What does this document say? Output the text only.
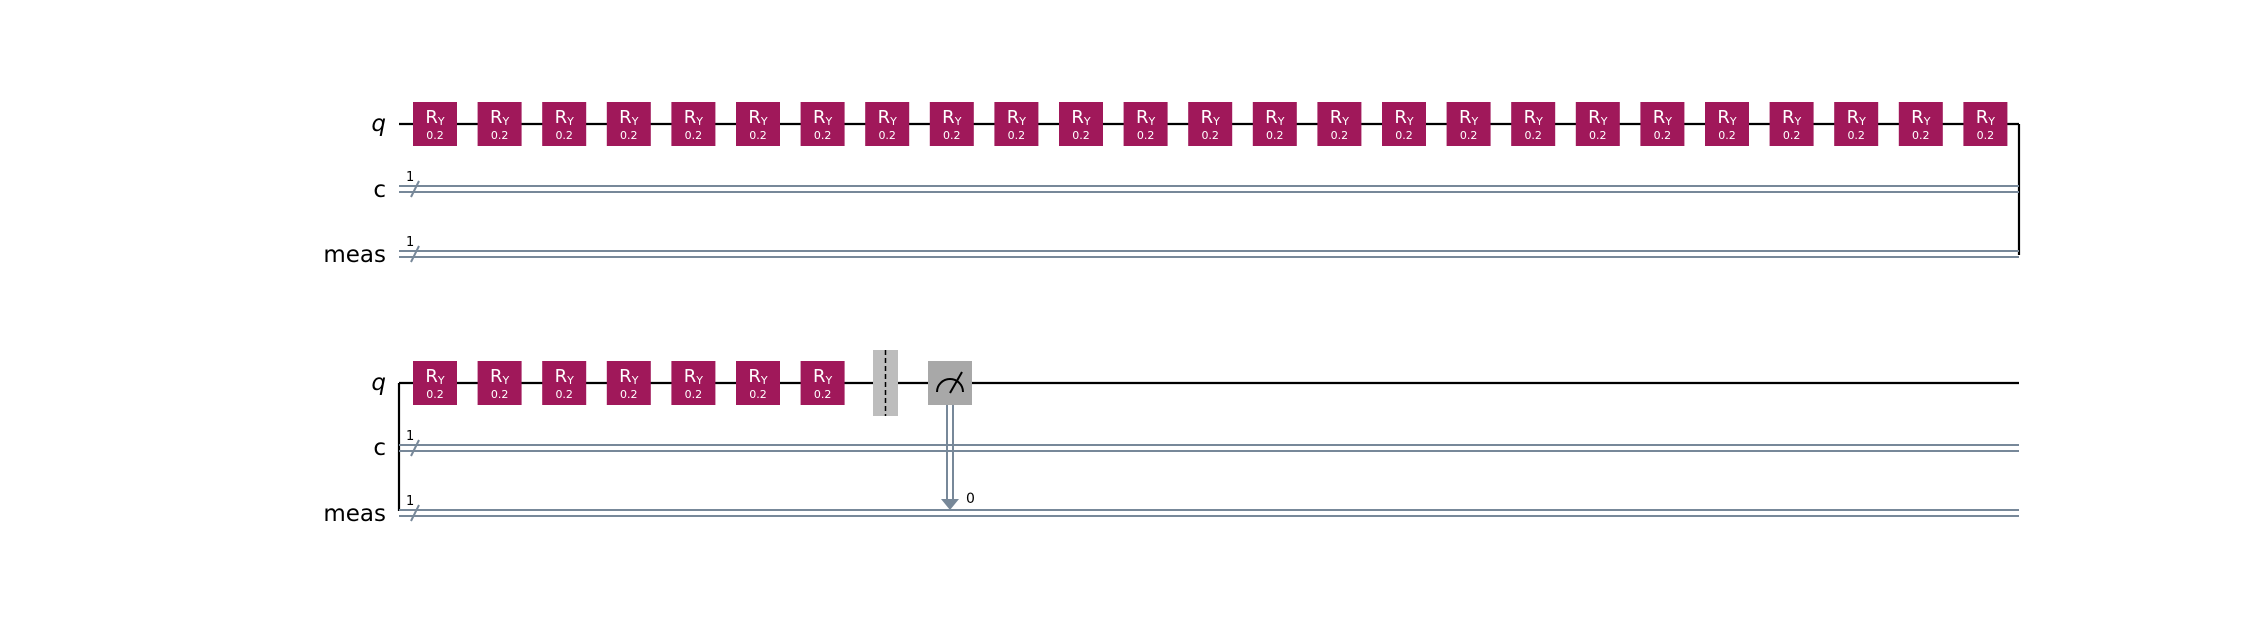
q
c
meas
1
1
RY
0.2
RY
0.2
RY
0.2
RY
0.2
RY
0.2
RY
0.2
RY
0.2
RY
0.2
RY
0.2
RY
0.2
RY
0.2
RY
0.2
RY
0.2
RY
0.2
RY
0.2
RY
0.2
RY
0.2
RY
0.2
RY
0.2
RY
0.2
RY
0.2
RY
0.2
RY
0.2
RY
0.2
RY
0.2
q
c
meas
1
1
RY
0.2
RY
0.2
RY
0.2
RY
0.2
RY
0.2
RY
0.2
RY
0.2
0
